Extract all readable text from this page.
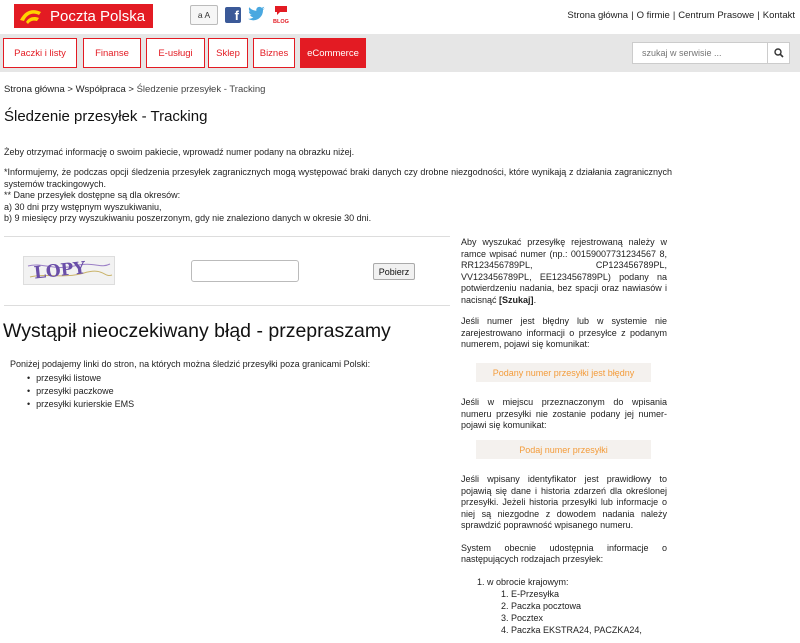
Poczta Polska	a A	f	BLOG
Strona główna | O firmie | Centrum Prasowe | Kontakt
Paczki i listy	Finanse	E-usługi	Sklep	Biznes	eCommerce
szukaj w serwisie ...
Strona główna > Współpraca > Śledzenie przesyłek - Tracking
Śledzenie przesyłek - Tracking
Żeby otrzymać informację o swoim pakiecie, wprowadź numer podany na obrazku niżej.

*Informujemy, że podczas opcji śledzenia przesyłek zagranicznych mogą występować braki danych czy drobne niezgodności, które wynikają z działania zagranicznych systemów trackingowych.

** Dane przesyłek dostępne są dla okresów:

a) 30 dni przy wstępnym wyszukiwaniu,

b) 9 miesięcy przy wyszukiwaniu poszerzonym, gdy nie znaleziono danych w okresie 30 dni.

LOPY	Pobierz
Wystąpił nieoczekiwany błąd - przepraszamy
Poniżej podajemy linki do stron, na których można śledzić przesyłki poza granicami Polski:
• przesyłki listowe
• przesyłki paczkowe
• przesyłki kurierskie EMS

Aby wyszukać przesyłkę rejestrowaną należy w ramce wpisać numer (np.: 00159007731234567 8, RR123456789PL, CP123456789PL, VV123456789PL, EE123456789PL) podany na potwierdzeniu nadania, bez spacji oraz nawiasów i nacisnąć [Szukaj].

Jeśli numer jest błędny lub w systemie nie zarejestrowano informacji o przesyłce z podanym numerem, pojawi się komunikat:

Podany numer przesyłki jest błędny

Jeśli w miejscu przeznaczonym do wpisania numeru przesyłki nie zostanie podany jej numer- pojawi się komunikat:

Podaj numer przesyłki

Jeśli wpisany identyfikator jest prawidłowy to pojawią się dane i historia zdarzeń dla określonej przesyłki. Jeżeli historia przesyłki lub informacje o niej są niezgodne z dowodem nadania należy sprawdzić poprawność wpisanego numeru.

System obecnie udostępnia informacje o następujących rodzajach przesyłek:

1. w obrocie krajowym:
1. E-Przesyłka
2. Paczka pocztowa
3. Pocztex
4. Paczka EKSTRA24, PACZKA24,
